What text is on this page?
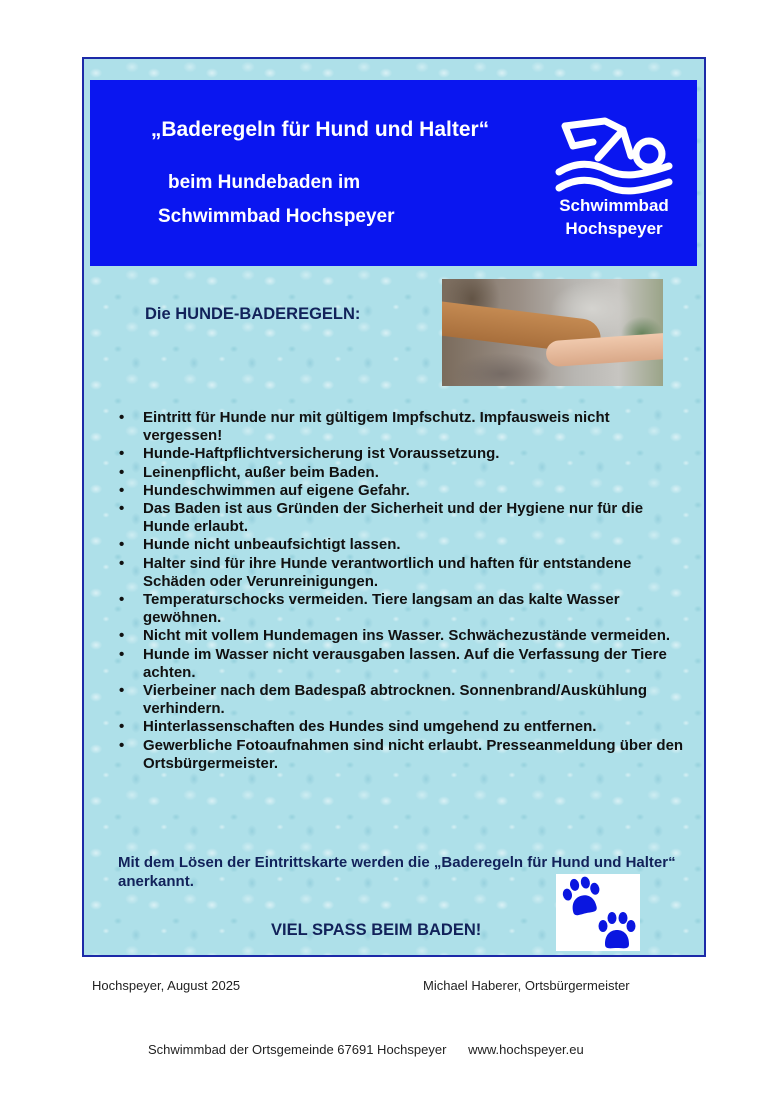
„Baderegeln für Hund und Halter“
beim Hundebaden im
Schwimmbad Hochspeyer
Schwimmbad
Hochspeyer
Die HUNDE-BADEREGELN:
• Eintritt für Hunde nur mit gültigem Impfschutz. Impfausweis nicht vergessen!
• Hunde-Haftpflichtversicherung ist Voraussetzung.
• Leinenpflicht, außer beim Baden.
• Hundeschwimmen auf eigene Gefahr.
• Das Baden ist aus Gründen der Sicherheit und der Hygiene nur für die Hunde erlaubt.
• Hunde nicht unbeaufsichtigt lassen.
• Halter sind für ihre Hunde verantwortlich und haften für entstandene Schäden oder Verunreinigungen.
• Temperaturschocks vermeiden. Tiere langsam an das kalte Wasser gewöhnen.
• Nicht mit vollem Hundemagen ins Wasser. Schwächezustände vermeiden.
• Hunde im Wasser nicht verausgaben lassen. Auf die Verfassung der Tiere achten.
• Vierbeiner nach dem Badespaß abtrocknen. Sonnenbrand/Auskühlung verhindern.
• Hinterlassenschaften des Hundes sind umgehend zu entfernen.
• Gewerbliche Fotoaufnahmen sind nicht erlaubt. Presseanmeldung über den Ortsbürgermeister.
Mit dem Lösen der Eintrittskarte werden die „Baderegeln für Hund und Halter“ anerkannt.
VIEL SPASS BEIM BADEN!
Hochspeyer, August 2025	Michael Haberer, Ortsbürgermeister
Schwimmbad der Ortsgemeinde 67691 Hochspeyer www.hochspeyer.eu
